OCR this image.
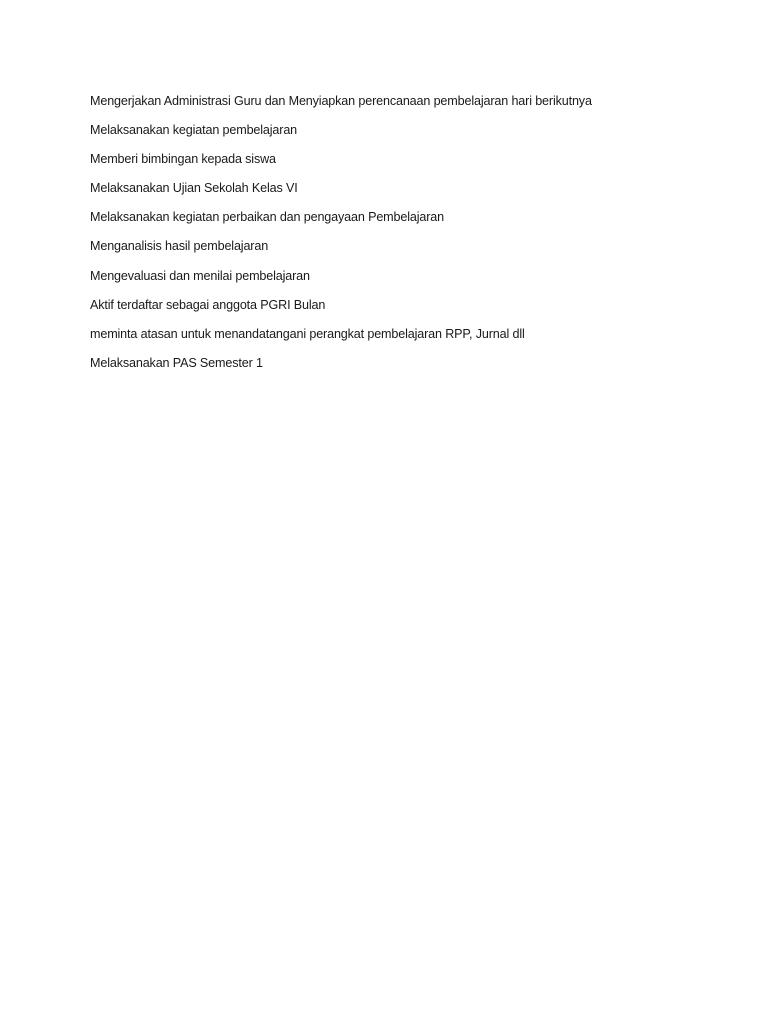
Mengerjakan Administrasi Guru dan Menyiapkan perencanaan pembelajaran hari berikutnya

Melaksanakan kegiatan pembelajaran

Memberi bimbingan kepada siswa

Melaksanakan Ujian Sekolah Kelas VI

Melaksanakan kegiatan perbaikan dan pengayaan Pembelajaran

Menganalisis hasil pembelajaran

Mengevaluasi dan menilai pembelajaran

Aktif terdaftar sebagai anggota PGRI Bulan

meminta atasan untuk menandatangani perangkat pembelajaran RPP, Jurnal dll

Melaksanakan PAS Semester 1
